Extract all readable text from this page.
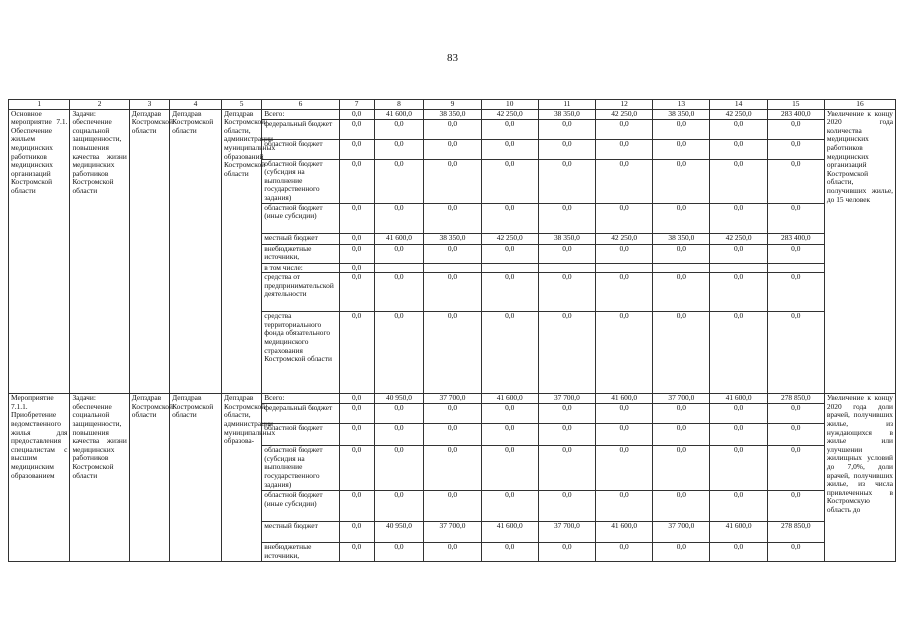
83
1	2	3	4	5	6	7	8	9	10	11	12	13	14	15	16
Основное мероприятие 7.1. Обеспечение жильем медицинских работников медицинских организаций Костромской области	Задачи: обеспечение социальной защищенности, повышения качества жизни медицинских работников Костромской области	Депздрав Костромской области	Депздрав Костромской области	Депздрав Костромской области, администрации муниципальных образований Костромской области	Всего:	0,0	41 600,0	38 350,0	42 250,0	38 350,0	42 250,0	38 350,0	42 250,0	283 400,0	Увеличение к концу 2020 года количества медицинских работников медицинских организаций Костромской области, получивших жилье, до 15 человек
					федеральный бюджет	0,0	0,0	0,0	0,0	0,0	0,0	0,0	0,0	0,0	
					областной бюджет	0,0	0,0	0,0	0,0	0,0	0,0	0,0	0,0	0,0	
					областной бюджет (субсидия на выполнение государственного задания)	0,0	0,0	0,0	0,0	0,0	0,0	0,0	0,0	0,0	
					областной бюджет (иные субсидии)	0,0	0,0	0,0	0,0	0,0	0,0	0,0	0,0	0,0	
					местный бюджет	0,0	41 600,0	38 350,0	42 250,0	38 350,0	42 250,0	38 350,0	42 250,0	283 400,0	
					внебюджетные источники,	0,0	0,0	0,0	0,0	0,0	0,0	0,0	0,0	0,0	
					в том числе:	0,0									
					средства от предпринимательской деятельности	0,0	0,0	0,0	0,0	0,0	0,0	0,0	0,0	0,0	
					средства территориального фонда обязательного медицинского страхования Костромской области	0,0	0,0	0,0	0,0	0,0	0,0	0,0	0,0	0,0	
Мероприятие 7.1.1. Приобретение ведомственного жилья для предоставления специалистам с высшим медицинским образованием	Задачи: обеспечение социальной защищенности, повышения качества жизни медицинских работников Костромской области	Депздрав Костромской области	Депздрав Костромской области	Депздрав Костромской области, администрации муниципальных образова-	Всего:	0,0	40 950,0	37 700,0	41 600,0	37 700,0	41 600,0	37 700,0	41 600,0	278 850,0	Увеличение к концу 2020 года доли врачей, получивших жилье, из нуждающихся в жилье или улучшении жилищных условий до 7,0%, доли врачей, получивших жилье, из числа привлеченных в Костромскую область до
					федеральный бюджет	0,0	0,0	0,0	0,0	0,0	0,0	0,0	0,0	0,0	
					областной бюджет	0,0	0,0	0,0	0,0	0,0	0,0	0,0	0,0	0,0	
					областной бюджет (субсидия на выполнение государственного задания)	0,0	0,0	0,0	0,0	0,0	0,0	0,0	0,0	0,0	
					областной бюджет (иные субсидии)	0,0	0,0	0,0	0,0	0,0	0,0	0,0	0,0	0,0	
					местный бюджет	0,0	40 950,0	37 700,0	41 600,0	37 700,0	41 600,0	37 700,0	41 600,0	278 850,0	
					внебюджетные источники,	0,0	0,0	0,0	0,0	0,0	0,0	0,0	0,0	0,0	
